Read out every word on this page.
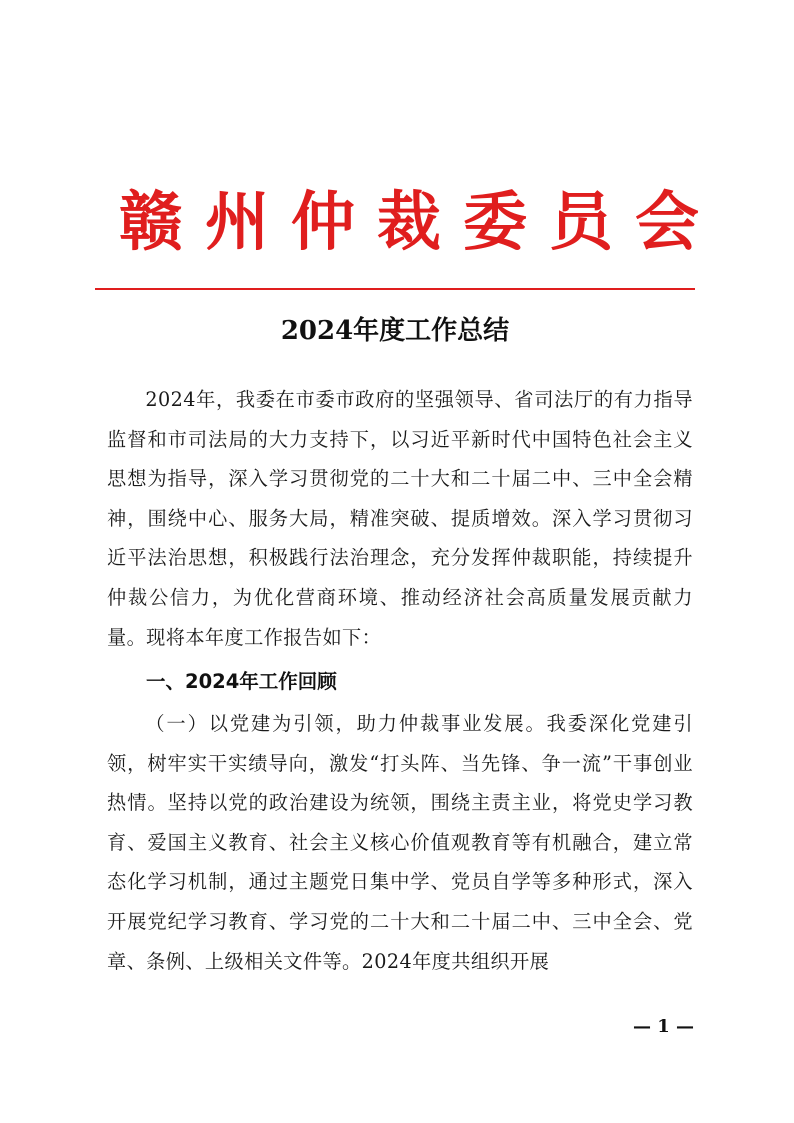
赣州仲裁委员会
2024年度工作总结
2024年，我委在市委市政府的坚强领导、省司法厅的有力指导监督和市司法局的大力支持下，以习近平新时代中国特色社会主义思想为指导，深入学习贯彻党的二十大和二十届二中、三中全会精神，围绕中心、服务大局，精准突破、提质增效。深入学习贯彻习近平法治思想，积极践行法治理念，充分发挥仲裁职能，持续提升仲裁公信力，为优化营商环境、推动经济社会高质量发展贡献力量。现将本年度工作报告如下：
一、2024年工作回顾
（一）以党建为引领，助力仲裁事业发展。我委深化党建引领，树牢实干实绩导向，激发“打头阵、当先锋、争一流”干事创业热情。坚持以党的政治建设为统领，围绕主责主业，将党史学习教育、爱国主义教育、社会主义核心价值观教育等有机融合，建立常态化学习机制，通过主题党日集中学、党员自学等多种形式，深入开展党纪学习教育、学习党的二十大和二十届二中、三中全会、党章、条例、上级相关文件等。2024年度共组织开展
— 1 —
